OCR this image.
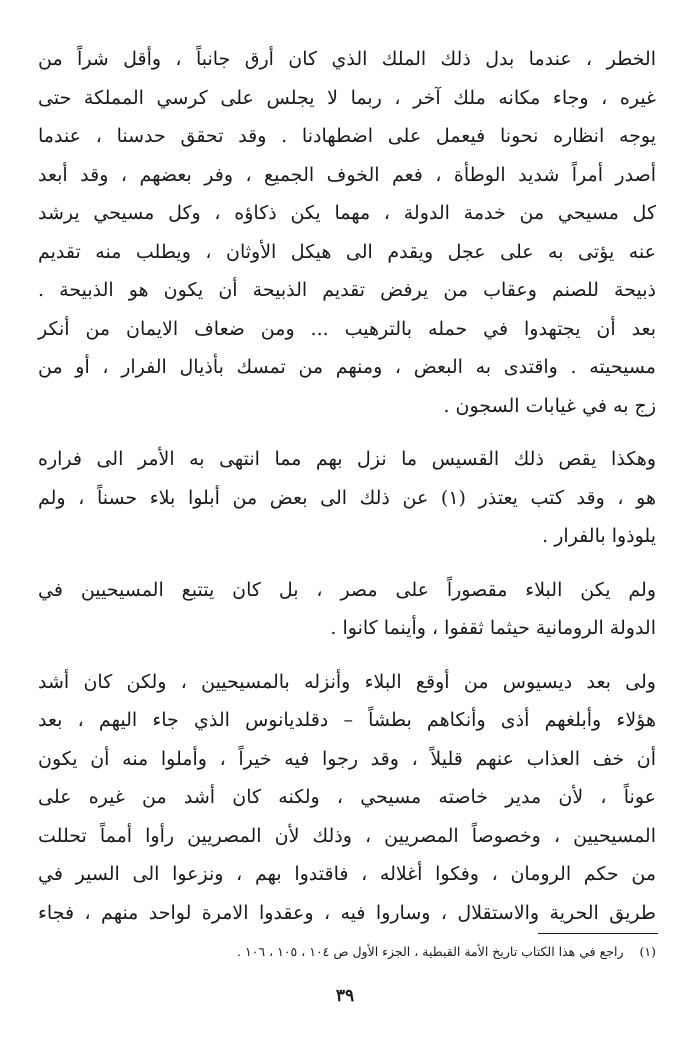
الخطر ، عندما بدل ذلك الملك الذي كان أرق جانباً ، وأقل شراً من
غيره ، وجاء مكانه ملك آخر ، ربما لا يجلس على كرسي المملكة حتى
يوجه انظاره نحونا فيعمل على اضطهادنا . وقد تحقق حدسنا ، عندما
أصدر أمراً شديد الوطأة ، فعم الخوف الجميع ، وفر بعضهم ، وقد أبعد
كل مسيحي من خدمة الدولة ، مهما يكن ذكاؤه ، وكل مسيحي يرشد
عنه يؤتى به على عجل ويقدم الى هيكل الأوثان ، ويطلب منه تقديم
ذبيحة للصنم وعقاب من يرفض تقديم الذبيحة أن يكون هو الذبيحة .
بعد أن يجتهدوا في حمله بالترهيب ... ومن ضعاف الايمان من أنكر
مسيحيته . واقتدى به البعض ، ومنهم من تمسك بأذيال الفرار ، أو من
زج به في غيابات السجون .

وهكذا يقص ذلك القسيس ما نزل بهم مما انتهى به الأمر الى فراره
هو ، وقد كتب يعتذر (١) عن ذلك الى بعض من أبلوا بلاء حسناً ، ولم
يلوذوا بالفرار .

ولم يكن البلاء مقصوراً على مصر ، بل كان يتتبع المسيحيين في
الدولة الرومانية حيثما ثقفوا ، وأينما كانوا .

ولى بعد ديسيوس من أوقع البلاء وأنزله بالمسيحيين ، ولكن كان أشد
هؤلاء وأبلغهم أذى وأنكاهم بطشاً – دقلديانوس الذي جاء اليهم ، بعد
أن خف العذاب عنهم قليلاً ، وقد رجوا فيه خيراً ، وأملوا منه أن يكون
عوناً ، لأن مدير خاصته مسيحي ، ولكنه كان أشد من غيره على
المسيحيين ، وخصوصاً المصريين ، وذلك لأن المصريين رأوا أمماً تحللت
من حكم الرومان ، وفكوا أغلاله ، فاقتدوا بهم ، ونزعوا الى السير في
طريق الحرية والاستقلال ، وساروا فيه ، وعقدوا الامرة لواحد منهم ، فجاء

(١) راجع في هذا الكتاب تاريخ الأمة القبطية ، الجزء الأول ص ١٠٤ ، ١٠٥ ، ١٠٦ .
٣٩
